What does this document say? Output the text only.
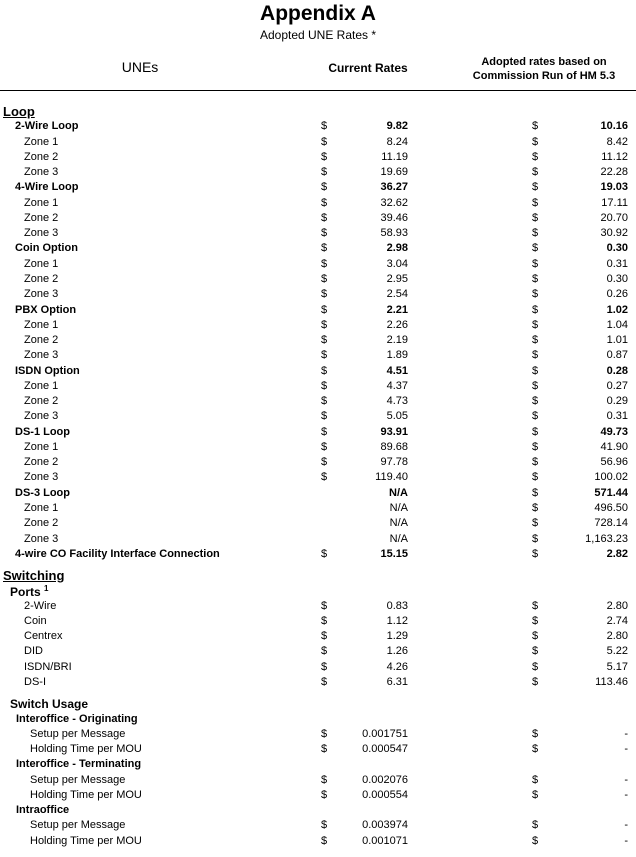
Appendix A
Adopted UNE Rates *
UNEs	Current Rates	Adopted rates based on
Commission Run of HM 5.3
Loop
2-Wire Loop	$	9.82	$	10.16
Zone 1	$	8.24	$	8.42
Zone 2	$	11.19	$	11.12
Zone 3	$	19.69	$	22.28
4-Wire Loop	$	36.27	$	19.03
Zone 1	$	32.62	$	17.11
Zone 2	$	39.46	$	20.70
Zone 3	$	58.93	$	30.92
Coin Option	$	2.98	$	0.30
Zone 1	$	3.04	$	0.31
Zone 2	$	2.95	$	0.30
Zone 3	$	2.54	$	0.26
PBX Option	$	2.21	$	1.02
Zone 1	$	2.26	$	1.04
Zone 2	$	2.19	$	1.01
Zone 3	$	1.89	$	0.87
ISDN Option	$	4.51	$	0.28
Zone 1	$	4.37	$	0.27
Zone 2	$	4.73	$	0.29
Zone 3	$	5.05	$	0.31
DS-1 Loop	$	93.91	$	49.73
Zone 1	$	89.68	$	41.90
Zone 2	$	97.78	$	56.96
Zone 3	$	119.40	$	100.02
DS-3 Loop	N/A	$	571.44
Zone 1	N/A	$	496.50
Zone 2	N/A	$	728.14
Zone 3	N/A	$	1,163.23
4-wire CO Facility Interface Connection	$	15.15	$	2.82
Switching
Ports $^1$
2-Wire	$	0.83	$	2.80
Coin	$	1.12	$	2.74
Centrex	$	1.29	$	2.80
DID	$	1.26	$	5.22
ISDN/BRI	$	4.26	$	5.17
DS-I	$	6.31	$	113.46
Switch Usage
Interoffice - Originating
Setup per Message	$	0.001751	$	-
Holding Time per MOU	$	0.000547	$	-
Interoffice - Terminating
Setup per Message	$	0.002076	$	-
Holding Time per MOU	$	0.000554	$	-
Intraoffice
Setup per Message	$	0.003974	$	-
Holding Time per MOU	$	0.001071	$	-
